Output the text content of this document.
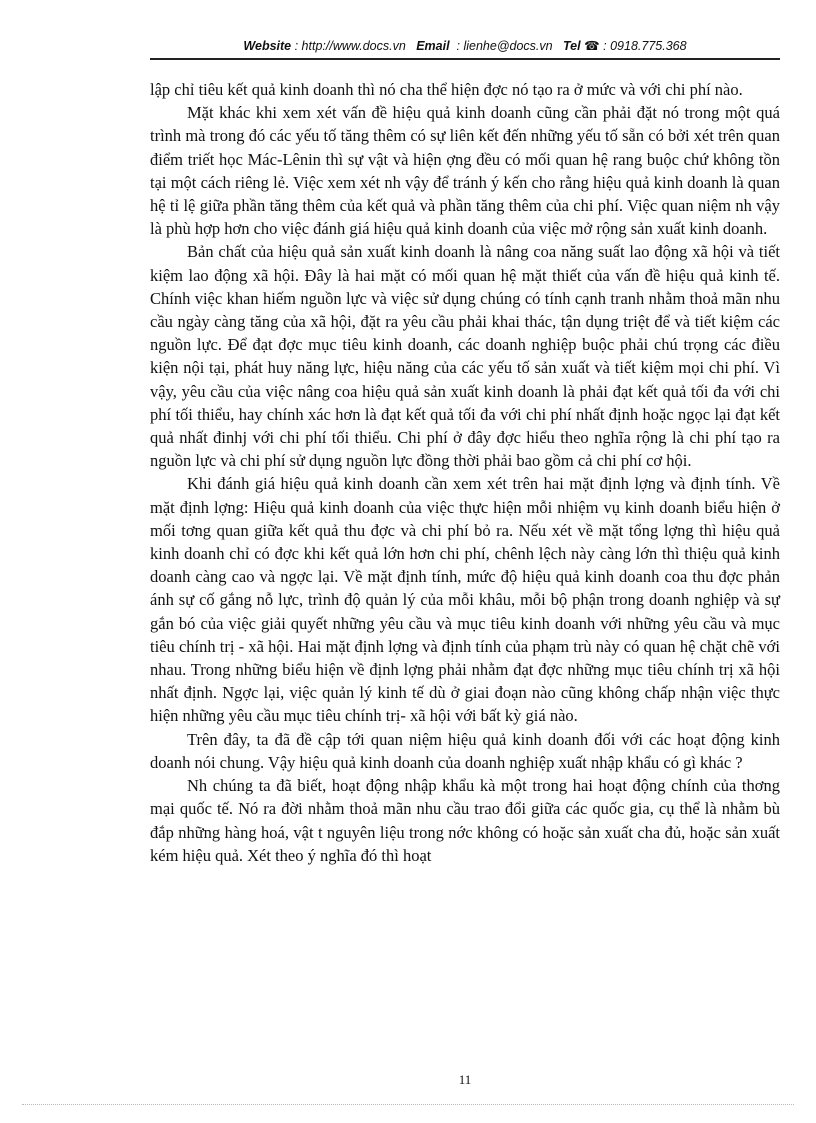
Website : http://www.docs.vn Email : lienhe@docs.vn Tel ☎ : 0918.775.368

lập chỉ tiêu kết quả kinh doanh thì nó cha thể hiện đợc nó tạo ra ở mức và với chi phí nào.

Mặt khác khi xem xét vấn đề hiệu quả kinh doanh cũng cần phải đặt nó trong một quá trình mà trong đó các yếu tố tăng thêm có sự liên kết đến những yếu tố sẵn có bởi xét trên quan điểm triết học Mác-Lênin thì sự vật và hiện ợng đều có mối quan hệ rang buộc chứ không tồn tại một cách riêng lẻ. Việc xem xét nh vậy để tránh ý kến cho rằng hiệu quả kinh doanh là quan hệ tỉ lệ giữa phần tăng thêm của kết quả và phần tăng thêm của chi phí. Việc quan niệm nh vậy là phù hợp hơn cho việc đánh giá hiệu quả kinh doanh của việc mở rộng sản xuất kinh doanh.

Bản chất của hiệu quả sản xuất kinh doanh là nâng coa năng suất lao động xã hội và tiết kiệm lao động xã hội. Đây là hai mặt có mối quan hệ mặt thiết của vấn đề hiệu quả kinh tế. Chính việc khan hiếm nguồn lực và việc sử dụng chúng có tính cạnh tranh nhằm thoả mãn nhu cầu ngày càng tăng của xã hội, đặt ra yêu cầu phải khai thác, tận dụng triệt để và tiết kiệm các nguồn lực. Để đạt đợc mục tiêu kinh doanh, các doanh nghiệp buộc phải chú trọng các điều kiện nội tại, phát huy năng lực, hiệu năng của các yếu tố sản xuất và tiết kiệm mọi chi phí. Vì vậy, yêu cầu của việc nâng coa hiệu quả sản xuất kinh doanh là phải đạt kết quả tối đa với chi phí tối thiểu, hay chính xác hơn là đạt kết quả tối đa với chi phí nhất định hoặc ngọc lại đạt kết quả nhất đinhj với chi phí tối thiểu. Chi phí ở đây đợc hiểu theo nghĩa rộng là chi phí tạo ra nguồn lực và chi phí sử dụng nguồn lực đồng thời phải bao gồm cả chi phí cơ hội.

Khi đánh giá hiệu quả kinh doanh cần xem xét trên hai mặt định lợng và định tính. Về mặt định lợng: Hiệu quả kinh doanh của việc thực hiện mỗi nhiệm vụ kinh doanh biểu hiện ở mối tơng quan giữa kết quả thu đợc và chi phí bỏ ra. Nếu xét về mặt tổng lợng thì hiệu quả kinh doanh chỉ có đợc khi kết quả lớn hơn chi phí, chênh lệch này càng lớn thì thiệu quả kinh doanh càng cao và ngợc lại. Về mặt định tính, mức độ hiệu quả kinh doanh coa thu đợc phản ánh sự cố gắng nỗ lực, trình độ quản lý của mỗi khâu, mỗi bộ phận trong doanh nghiệp và sự gắn bó của việc giải quyết những yêu cầu và mục tiêu kinh doanh với những yêu cầu và mục tiêu chính trị - xã hội. Hai mặt định lợng và định tính của phạm trù này có quan hệ chặt chẽ với nhau. Trong những biểu hiện về định lợng phải nhằm đạt đợc những mục tiêu chính trị xã hội nhất định. Ngợc lại, việc quản lý kinh tế dù ở giai đoạn nào cũng không chấp nhận việc thực hiện những yêu cầu mục tiêu chính trị- xã hội với bất kỳ giá nào.

Trên đây, ta đã đề cập tới quan niệm hiệu quả kinh doanh đối với các hoạt động kinh doanh nói chung. Vậy hiệu quả kinh doanh của doanh nghiệp xuất nhập khẩu có gì khác ?

Nh chúng ta đã biết, hoạt động nhập khẩu kà một trong hai hoạt động chính của thơng mại quốc tế. Nó ra đời nhằm thoả mãn nhu cầu trao đổi giữa các quốc gia, cụ thể là nhằm bù đắp những hàng hoá, vật t nguyên liệu trong nớc không có hoặc sản xuất cha đủ, hoặc sản xuất kém hiệu quả. Xét theo ý nghĩa đó thì hoạt

11
